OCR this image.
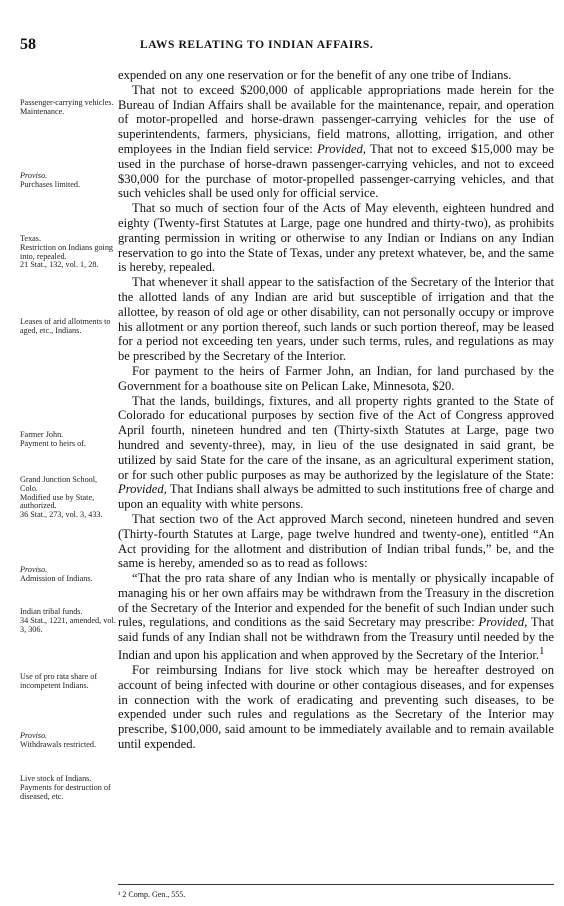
58	LAWS RELATING TO INDIAN AFFAIRS.
Passenger-carrying vehicles.
Maintenance.
Proviso.
Purchases limited.
Texas.
Restriction on Indians going into, repealed.
21 Stat., 132, vol. 1, 28.
Leases of arid allotments to aged, etc., Indians.
Farmer John.
Payment to heirs of.
Grand Junction School, Colo.
Modified use by State, authorized.
36 Stat., 273, vol. 3, 433.
Proviso.
Admission of Indians.
Indian tribal funds.
34 Stat., 1221, amended, vol. 3, 306.
Use of pro rata share of incompetent Indians.
Proviso.
Withdrawals restricted.
Live stock of Indians.
Payments for destruction of diseased, etc.

expended on any one reservation or for the benefit of any one tribe of Indians.

That not to exceed $200,000 of applicable appropriations made herein for the Bureau of Indian Affairs shall be available for the maintenance, repair, and operation of motor-propelled and horse-drawn passenger-carrying vehicles for the use of superintendents, farmers, physicians, field matrons, allotting, irrigation, and other employees in the Indian field service: Provided, That not to exceed $15,000 may be used in the purchase of horse-drawn passenger-carrying vehicles, and not to exceed $30,000 for the purchase of motor-propelled passenger-carrying vehicles, and that such vehicles shall be used only for official service.

That so much of section four of the Acts of May eleventh, eighteen hundred and eighty (Twenty-first Statutes at Large, page one hundred and thirty-two), as prohibits granting permission in writing or otherwise to any Indian or Indians on any Indian reservation to go into the State of Texas, under any pretext whatever, be, and the same is hereby, repealed.

That whenever it shall appear to the satisfaction of the Secretary of the Interior that the allotted lands of any Indian are arid but susceptible of irrigation and that the allottee, by reason of old age or other disability, can not personally occupy or improve his allotment or any portion thereof, such lands or such portion thereof, may be leased for a period not exceeding ten years, under such terms, rules, and regulations as may be prescribed by the Secretary of the Interior.

For payment to the heirs of Farmer John, an Indian, for land purchased by the Government for a boathouse site on Pelican Lake, Minnesota, $20.

That the lands, buildings, fixtures, and all property rights granted to the State of Colorado for educational purposes by section five of the Act of Congress approved April fourth, nineteen hundred and ten (Thirty-sixth Statutes at Large, page two hundred and seventy-three), may, in lieu of the use designated in said grant, be utilized by said State for the care of the insane, as an agricultural experiment station, or for such other public purposes as may be authorized by the legislature of the State: Provided, That Indians shall always be admitted to such institutions free of charge and upon an equality with white persons.

That section two of the Act approved March second, nineteen hundred and seven (Thirty-fourth Statutes at Large, page twelve hundred and twenty-one), entitled “An Act providing for the allotment and distribution of Indian tribal funds,” be, and the same is hereby, amended so as to read as follows:

“That the pro rata share of any Indian who is mentally or physically incapable of managing his or her own affairs may be withdrawn from the Treasury in the discretion of the Secretary of the Interior and expended for the benefit of such Indian under such rules, regulations, and conditions as the said Secretary may prescribe: Provided, That said funds of any Indian shall not be withdrawn from the Treasury until needed by the Indian and upon his application and when approved by the Secretary of the Interior.$^1$

For reimbursing Indians for live stock which may be hereafter destroyed on account of being infected with dourine or other contagious diseases, and for expenses in connection with the work of eradicating and preventing such diseases, to be expended under such rules and regulations as the Secretary of the Interior may prescribe, $100,000, said amount to be immediately available and to remain available until expended.

¹ 2 Comp. Gen., 555.
